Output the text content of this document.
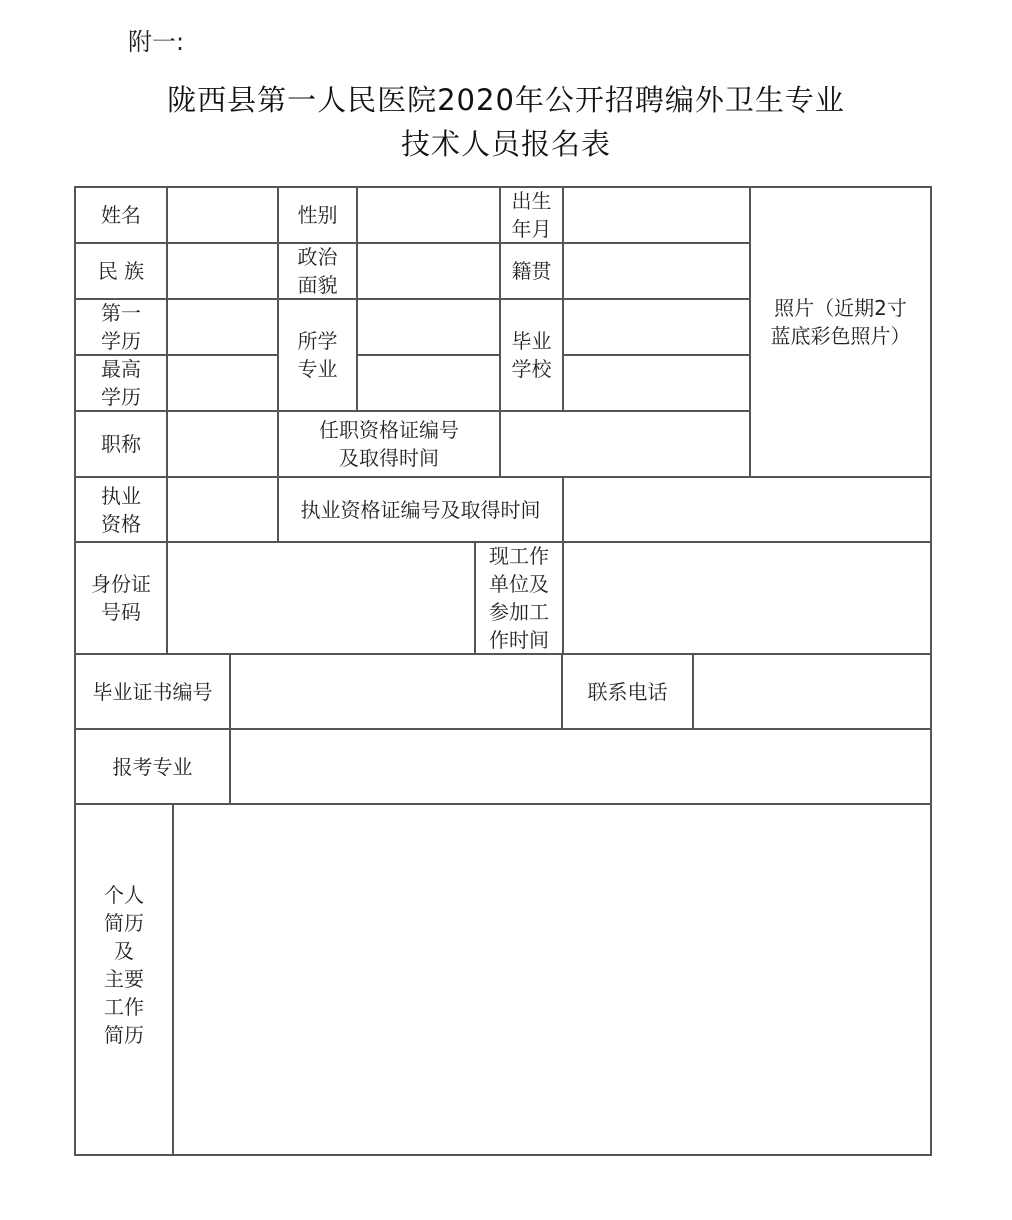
附一:
陇西县第一人民医院2020年公开招聘编外卫生专业
技术人员报名表
姓名	性别
出生
年月
民 族
政治
面貌
籍贯
第一
学历
最高
学历
所学
专业
毕业
学校
照片（近期2寸
蓝底彩色照片）
职称
任职资格证编号
及取得时间
执业
资格
执业资格证编号及取得时间
身份证
号码
现工作
单位及
参加工
作时间
毕业证书编号	联系电话
报考专业
个人
简历
及
主要
工作
简历
